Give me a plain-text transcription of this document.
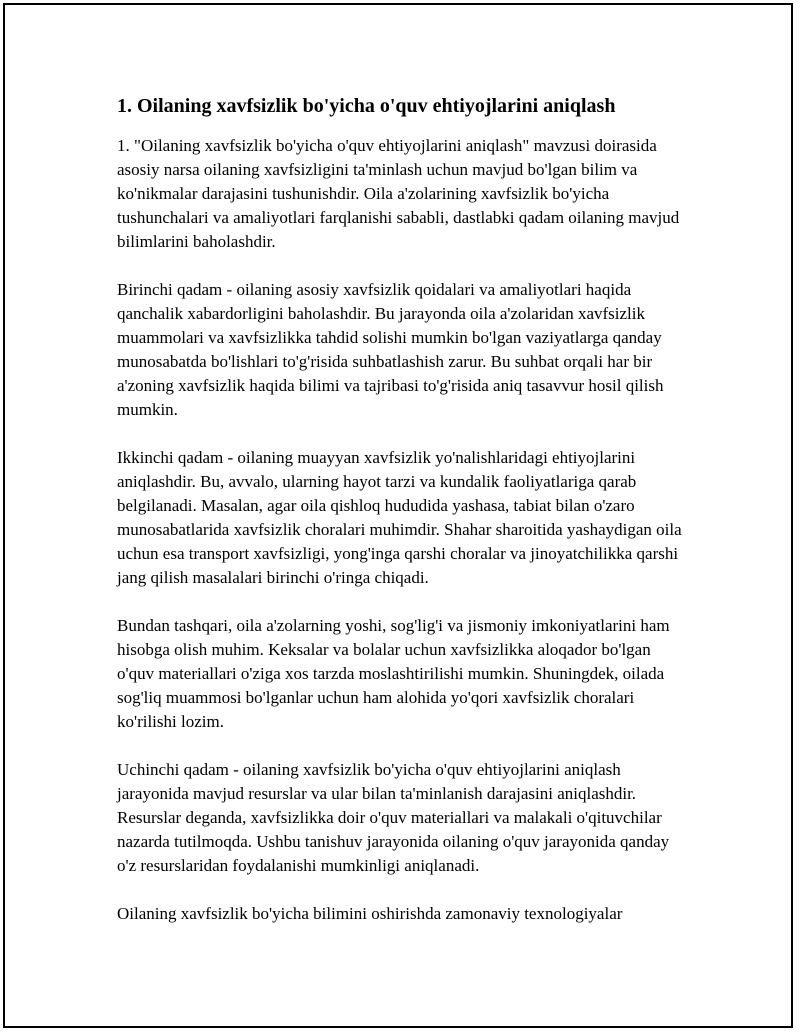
1. Oilaning xavfsizlik bo'yicha o'quv ehtiyojlarini aniqlash

1. "Oilaning xavfsizlik bo'yicha o'quv ehtiyojlarini aniqlash" mavzusi doirasida asosiy narsa oilaning xavfsizligini ta'minlash uchun mavjud bo'lgan bilim va ko'nikmalar darajasini tushunishdir. Oila a'zolarining xavfsizlik bo'yicha tushunchalari va amaliyotlari farqlanishi sababli, dastlabki qadam oilaning mavjud bilimlarini baholashdir.

Birinchi qadam - oilaning asosiy xavfsizlik qoidalari va amaliyotlari haqida qanchalik xabardorligini baholashdir. Bu jarayonda oila a'zolaridan xavfsizlik muammolari va xavfsizlikka tahdid solishi mumkin bo'lgan vaziyatlarga qanday munosabatda bo'lishlari to'g'risida suhbatlashish zarur. Bu suhbat orqali har bir a'zoning xavfsizlik haqida bilimi va tajribasi to'g'risida aniq tasavvur hosil qilish mumkin.

Ikkinchi qadam - oilaning muayyan xavfsizlik yo'nalishlaridagi ehtiyojlarini aniqlashdir. Bu, avvalo, ularning hayot tarzi va kundalik faoliyatlariga qarab belgilanadi. Masalan, agar oila qishloq hududida yashasa, tabiat bilan o'zaro munosabatlarida xavfsizlik choralari muhimdir. Shahar sharoitida yashaydigan oila uchun esa transport xavfsizligi, yong'inga qarshi choralar va jinoyatchilikka qarshi jang qilish masalalari birinchi o'ringa chiqadi.

Bundan tashqari, oila a'zolarning yoshi, sog'lig'i va jismoniy imkoniyatlarini ham hisobga olish muhim. Keksalar va bolalar uchun xavfsizlikka aloqador bo'lgan o'quv materiallari o'ziga xos tarzda moslashtirilishi mumkin. Shuningdek, oilada sog'liq muammosi bo'lganlar uchun ham alohida yo'qori xavfsizlik choralari ko'rilishi lozim.

Uchinchi qadam - oilaning xavfsizlik bo'yicha o'quv ehtiyojlarini aniqlash jarayonida mavjud resurslar va ular bilan ta'minlanish darajasini aniqlashdir. Resurslar deganda, xavfsizlikka doir o'quv materiallari va malakali o'qituvchilar nazarda tutilmoqda. Ushbu tanishuv jarayonida oilaning o'quv jarayonida qanday o'z resurslaridan foydalanishi mumkinligi aniqlanadi.

Oilaning xavfsizlik bo'yicha bilimini oshirishda zamonaviy texnologiyalar
